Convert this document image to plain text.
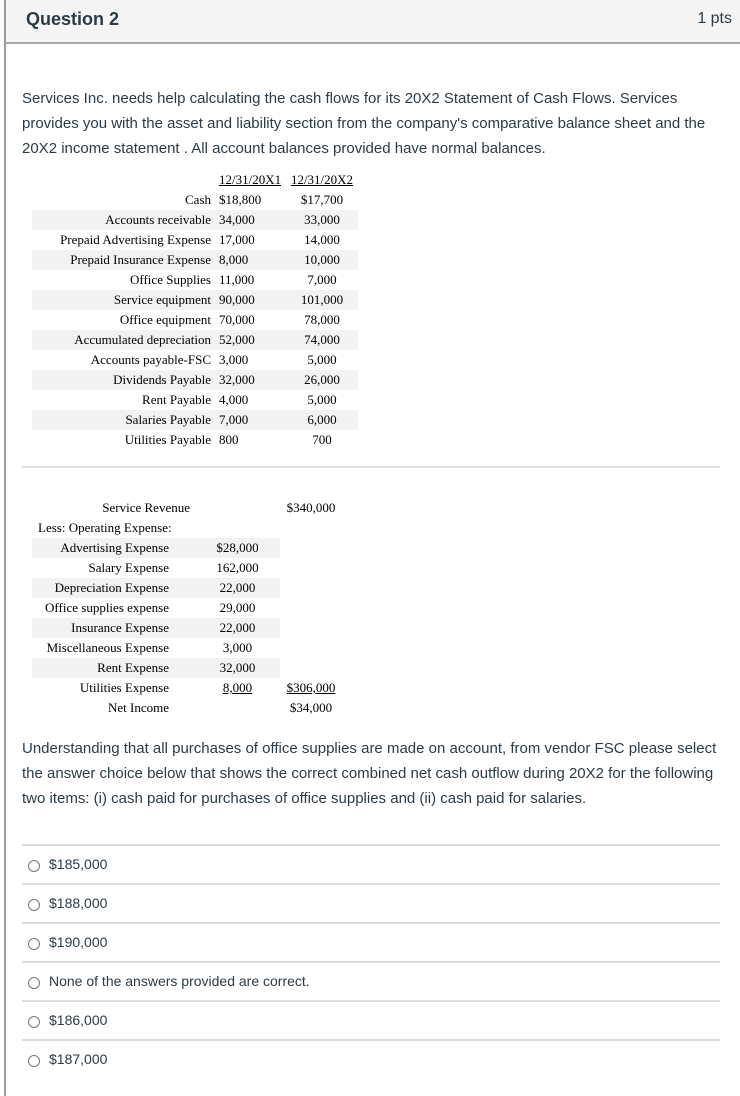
Question 2	1 pts
Services Inc. needs help calculating the cash flows for its 20X2 Statement of Cash Flows. Services provides you with the asset and liability section from the company's comparative balance sheet and the 20X2 income statement . All account balances provided have normal balances.
	12/31/20X1	12/31/20X2
Cash	$18,800	$17,700
Accounts receivable	34,000	33,000
Prepaid Advertising Expense	17,000	14,000
Prepaid Insurance Expense	8,000	10,000
Office Supplies	11,000	7,000
Service equipment	90,000	101,000
Office equipment	70,000	78,000
Accumulated depreciation	52,000	74,000
Accounts payable-FSC	3,000	5,000
Dividends Payable	32,000	26,000
Rent Payable	4,000	5,000
Salaries Payable	7,000	6,000
Utilities Payable	800	700
Service Revenue		$340,000
Less: Operating Expense:		
Advertising Expense	$28,000	
Salary Expense	162,000	
Depreciation Expense	22,000	
Office supplies expense	29,000	
Insurance Expense	22,000	
Miscellaneous Expense	3,000	
Rent Expense	32,000	
Utilities Expense	8,000	$306,000
Net Income		$34,000
Understanding that all purchases of office supplies are made on account, from vendor FSC please select the answer choice below that shows the correct combined net cash outflow during 20X2 for the following two items: (i) cash paid for purchases of office supplies and (ii) cash paid for salaries.
$185,000
$188,000
$190,000
None of the answers provided are correct.
$186,000
$187,000
